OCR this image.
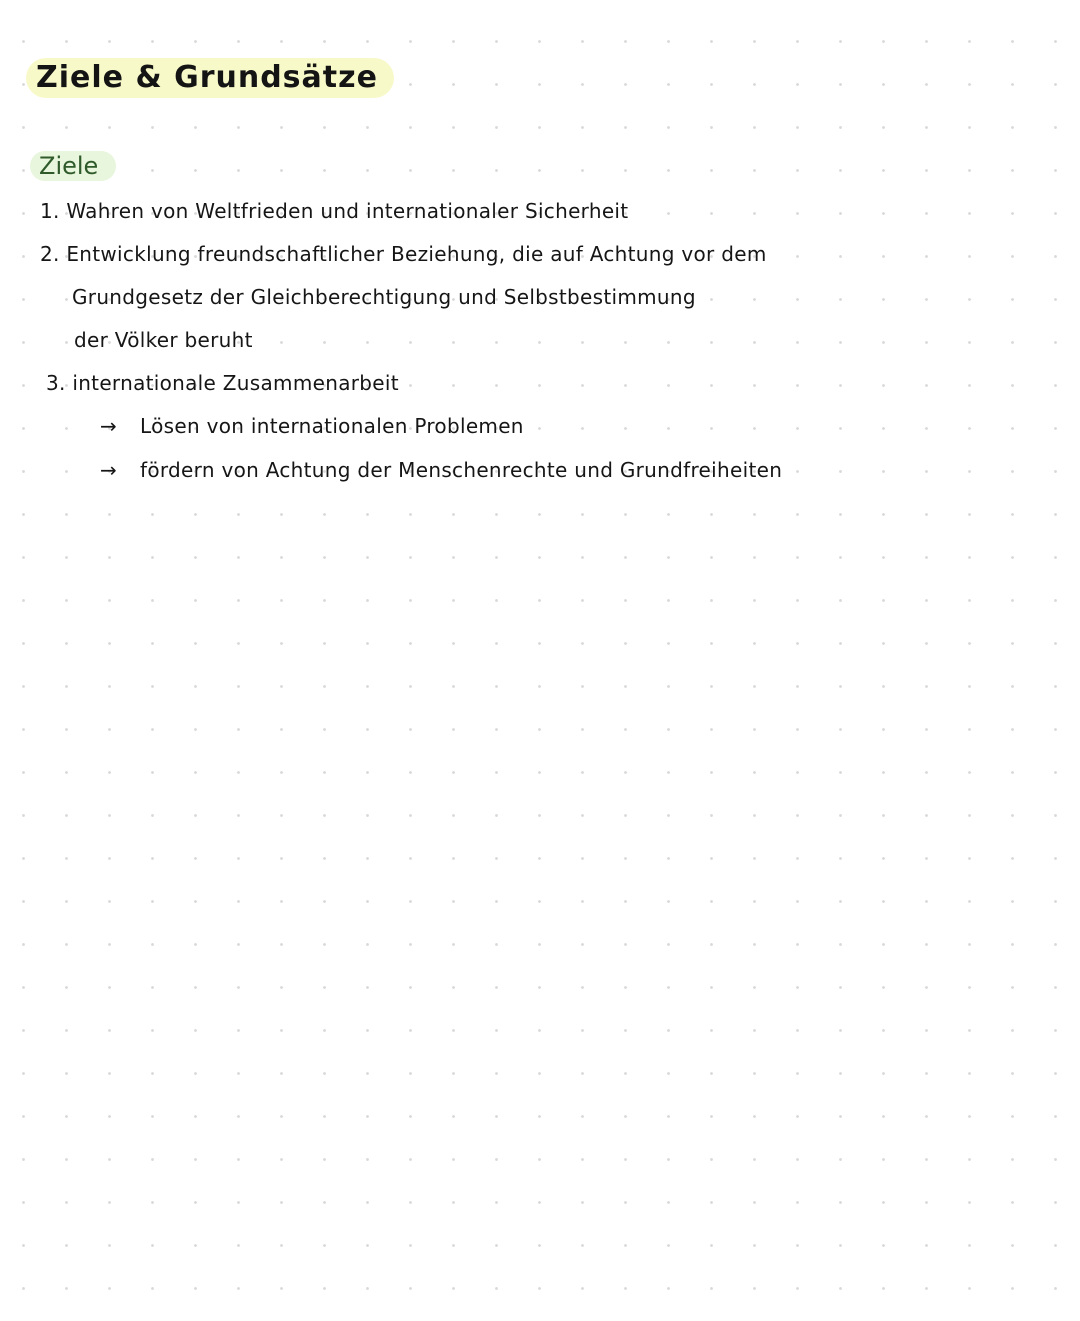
Ziele & Grundsätze
Ziele
1. Wahren von Weltfrieden und internationaler Sicherheit
2. Entwicklung freundschaftlicher Beziehung, die auf Achtung vor dem
Grundgesetz der Gleichberechtigung und Selbstbestimmung
der Völker beruht
3. internationale Zusammenarbeit
→ Lösen von internationalen Problemen
→ fördern von Achtung der Menschenrechte und Grundfreiheiten
